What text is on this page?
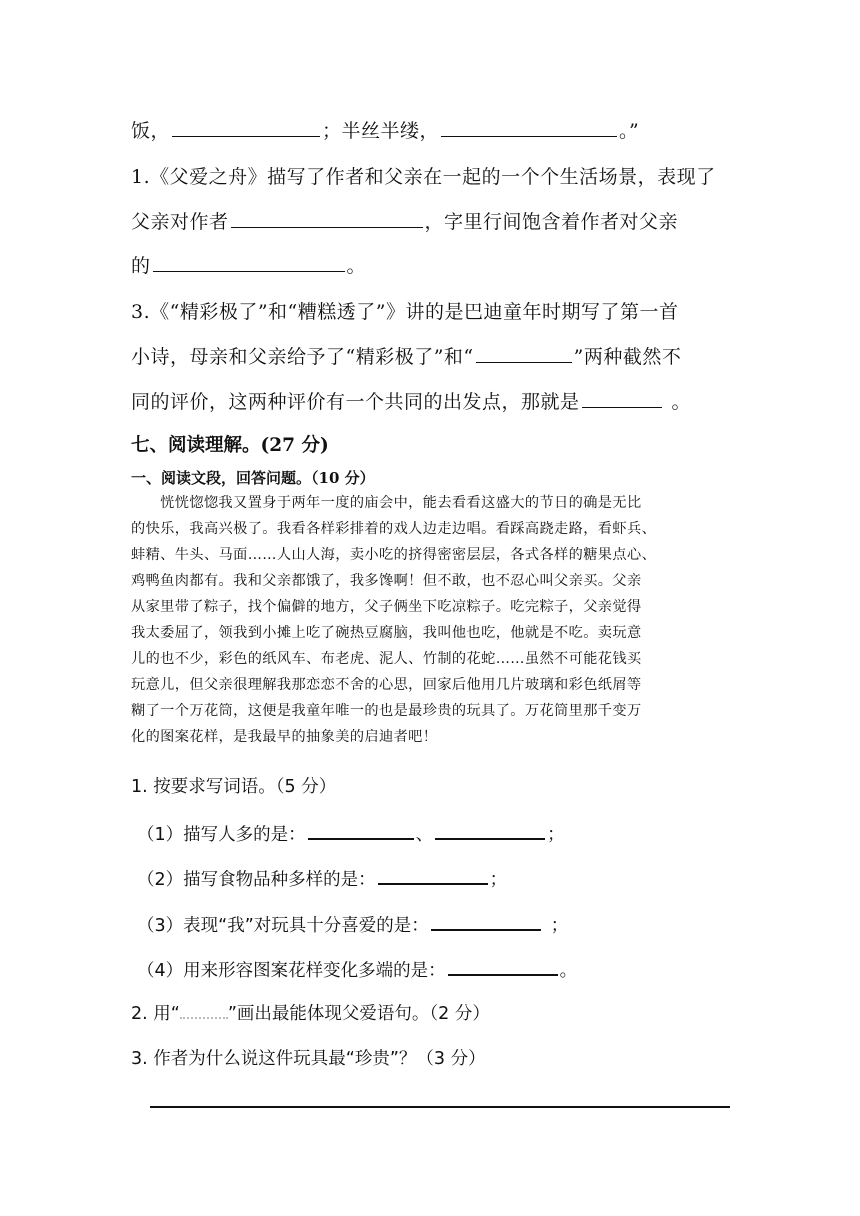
饭，	；半丝半缕，	。”
1.《父爱之舟》描写了作者和父亲在一起的一个个生活场景，表现了
父亲对作者	，字里行间饱含着作者对父亲
的	。
3.《“精彩极了”和“糟糕透了”》讲的是巴迪童年时期写了第一首
小诗，母亲和父亲给予了“精彩极了”和“	”两种截然不
同的评价，这两种评价有一个共同的出发点，那就是	。
七、阅读理解。(27 分)
一、阅读文段，回答问题。（10 分）
　　恍恍惚惚我又置身于两年一度的庙会中，能去看看这盛大的节日的确是无比
的快乐，我高兴极了。我看各样彩排着的戏人边走边唱。看踩高跷走路，看虾兵、
蚌精、牛头、马面……人山人海，卖小吃的挤得密密层层，各式各样的糖果点心、
鸡鸭鱼肉都有。我和父亲都饿了，我多馋啊！但不敢，也不忍心叫父亲买。父亲
从家里带了粽子，找个偏僻的地方，父子俩坐下吃凉粽子。吃完粽子，父亲觉得
我太委屈了，领我到小摊上吃了碗热豆腐脑，我叫他也吃，他就是不吃。卖玩意
儿的也不少，彩色的纸风车、布老虎、泥人、竹制的花蛇……虽然不可能花钱买
玩意儿，但父亲很理解我那恋恋不舍的心思，回家后他用几片玻璃和彩色纸屑等
糊了一个万花筒，这便是我童年唯一的也是最珍贵的玩具了。万花筒里那千变万
化的图案花样，是我最早的抽象美的启迪者吧！
1. 按要求写词语。（5 分）
（1）描写人多的是：	、	；
（2）描写食物品种多样的是：	；
（3）表现“我”对玩具十分喜爱的是：	；
（4）用来形容图案花样变化多端的是：	。
2. 用“	”画出最能体现父爱语句。（2 分）
3. 作者为什么说这件玩具最“珍贵”？（3 分）
